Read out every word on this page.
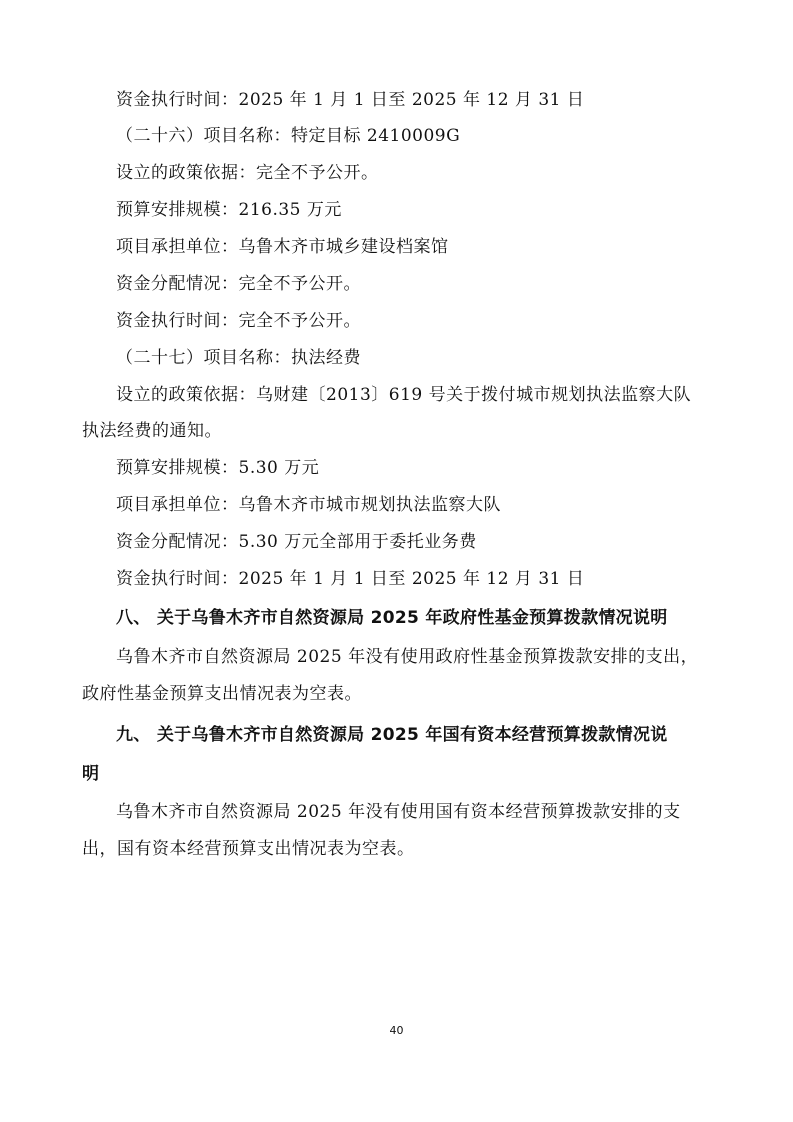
资金执行时间：2025 年 1 月 1 日至 2025 年 12 月 31 日
（二十六）项目名称：特定目标 2410009G
设立的政策依据：完全不予公开。
预算安排规模：216.35 万元
项目承担单位：乌鲁木齐市城乡建设档案馆
资金分配情况：完全不予公开。
资金执行时间：完全不予公开。
（二十七）项目名称：执法经费
设立的政策依据：乌财建〔2013〕619 号关于拨付城市规划执法监察大队
执法经费的通知。
预算安排规模：5.30 万元
项目承担单位：乌鲁木齐市城市规划执法监察大队
资金分配情况：5.30 万元全部用于委托业务费
资金执行时间：2025 年 1 月 1 日至 2025 年 12 月 31 日
八、 关于乌鲁木齐市自然资源局 2025 年政府性基金预算拨款情况说明
乌鲁木齐市自然资源局 2025 年没有使用政府性基金预算拨款安排的支出，
政府性基金预算支出情况表为空表。
九、 关于乌鲁木齐市自然资源局 2025 年国有资本经营预算拨款情况说
明
乌鲁木齐市自然资源局 2025 年没有使用国有资本经营预算拨款安排的支
出，国有资本经营预算支出情况表为空表。
40
